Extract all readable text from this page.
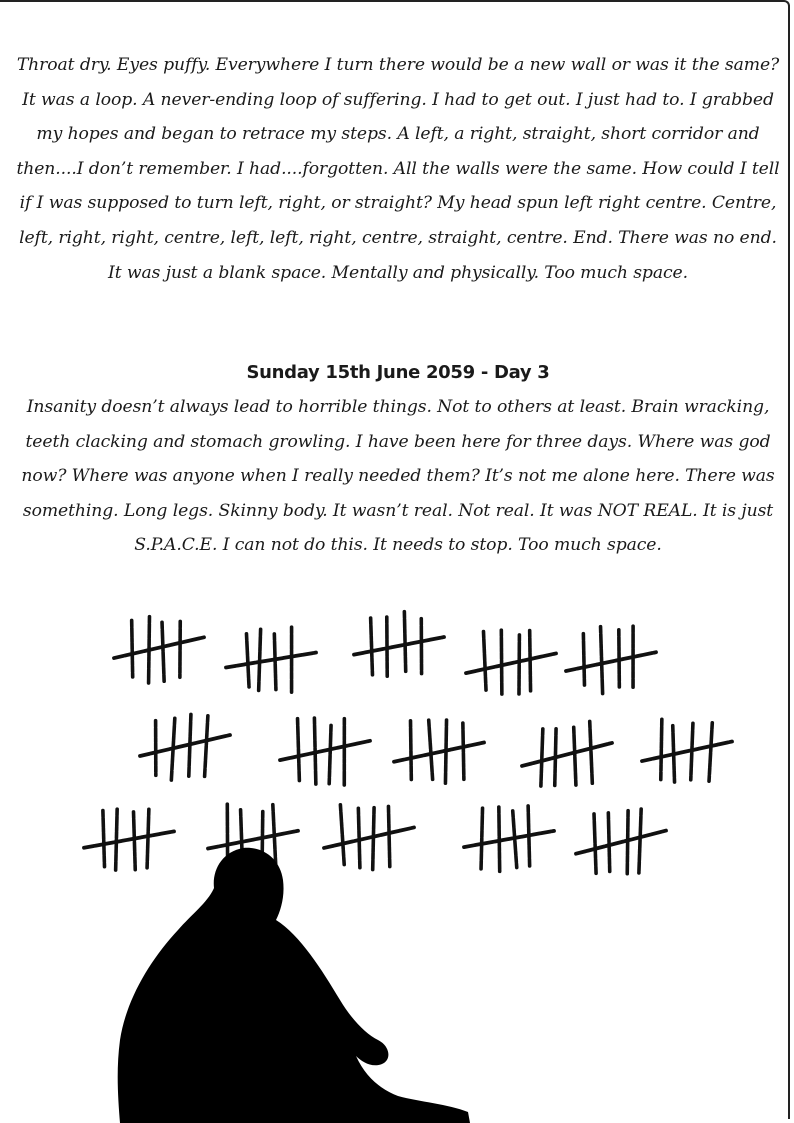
Throat dry. Eyes puffy. Everywhere I turn there would be a new wall or was it the same? It was a loop. A never-ending loop of suffering. I had to get out. I just had to. I grabbed my hopes and began to retrace my steps. A left, a right, straight, short corridor and then....I don’t remember. I had....forgotten. All the walls were the same. How could I tell if I was supposed to turn left, right, or straight? My head spun left right centre. Centre, left, right, right, centre, left, left, right, centre, straight, centre. End. There was no end. It was just a blank space. Mentally and physically. Too much space.

Sunday 15th June 2059 - Day 3

Insanity doesn’t always lead to horrible things. Not to others at least. Brain wracking, teeth clacking and stomach growling. I have been here for three days. Where was god now? Where was anyone when I really needed them? It’s not me alone here. There was something. Long legs. Skinny body. It wasn’t real. Not real. It was NOT REAL. It is just S.P.A.C.E. I can not do this. It needs to stop. Too much space.
